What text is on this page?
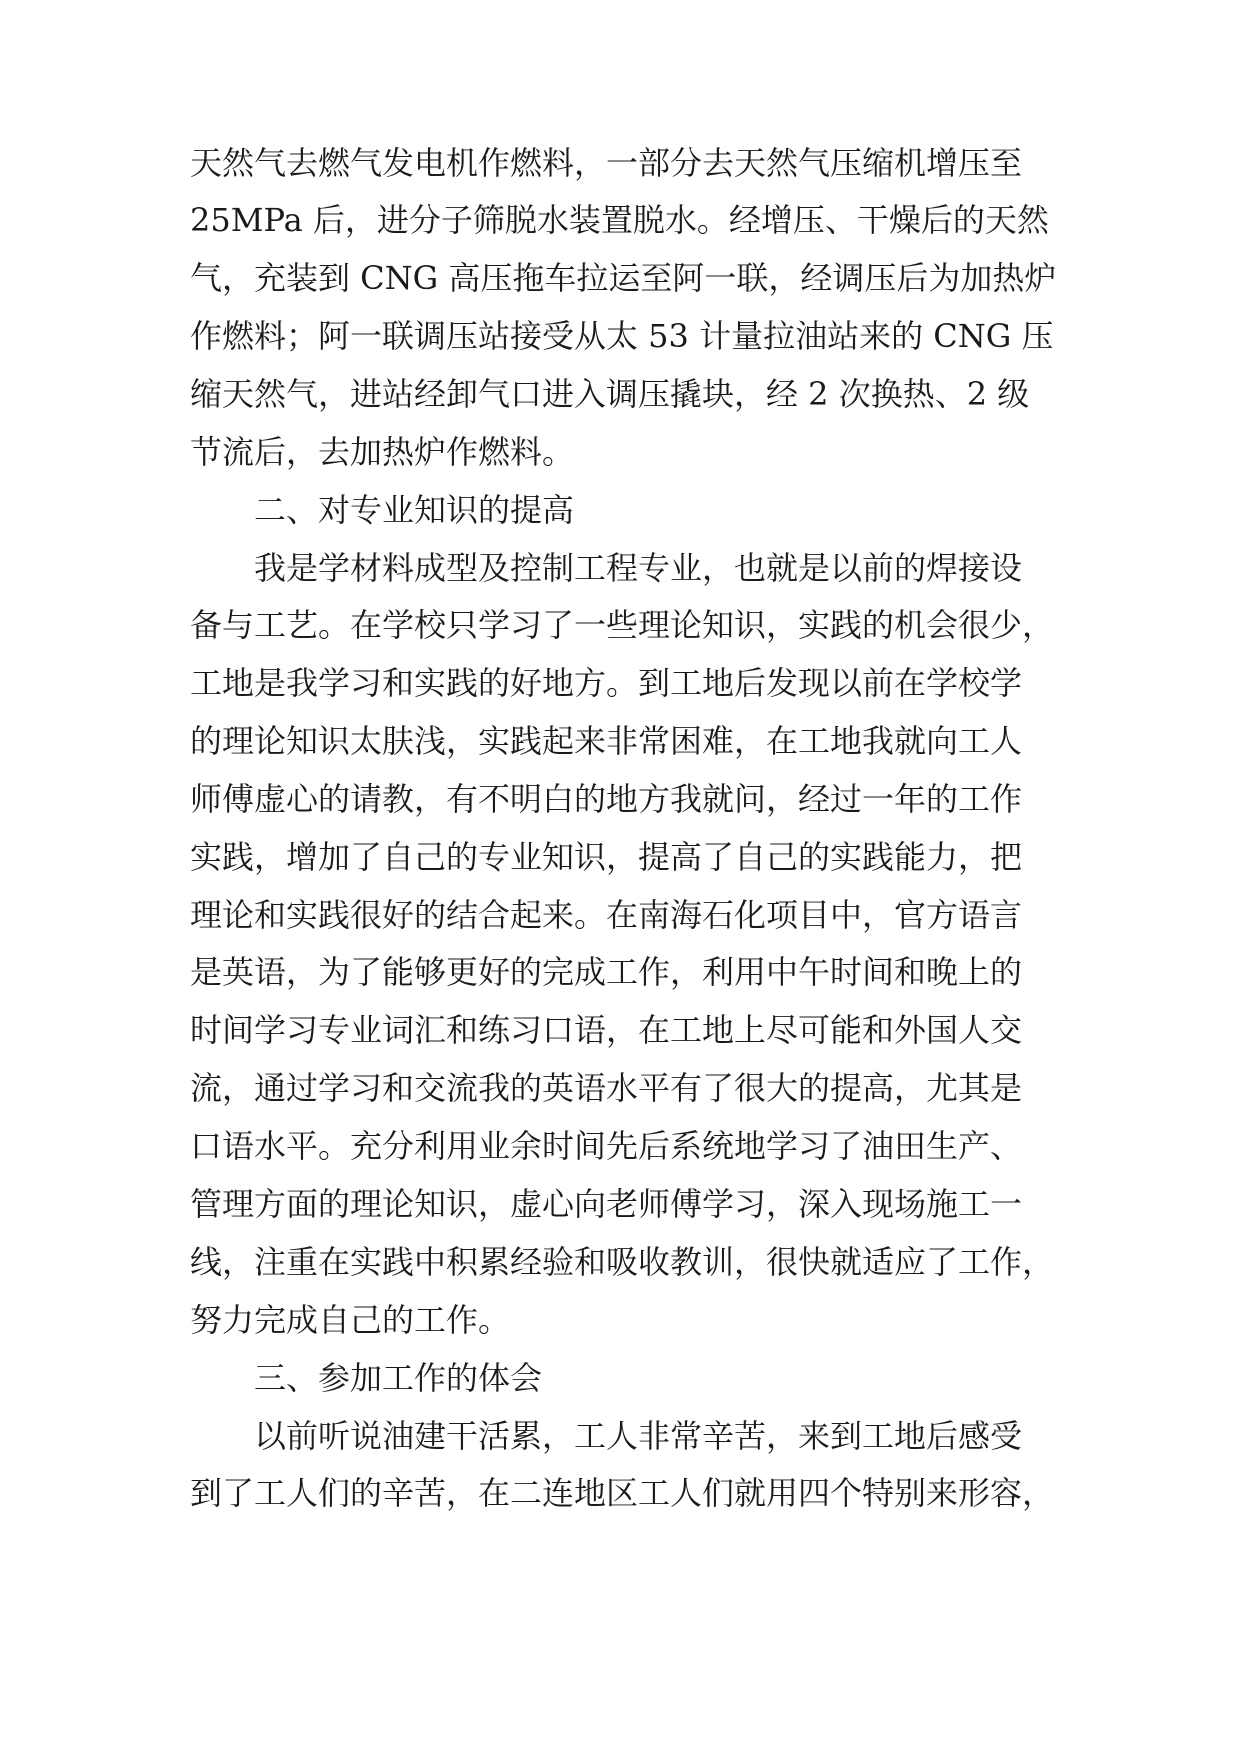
天然气去燃气发电机作燃料，一部分去天然气压缩机增压至
25MPa 后，进分子筛脱水装置脱水。经增压、干燥后的天然
气，充装到 CNG 高压拖车拉运至阿一联，经调压后为加热炉
作燃料；阿一联调压站接受从太 53 计量拉油站来的 CNG 压
缩天然气，进站经卸气口进入调压撬块，经 2 次换热、2 级
节流后，去加热炉作燃料。
二、对专业知识的提高
我是学材料成型及控制工程专业，也就是以前的焊接设
备与工艺。在学校只学习了一些理论知识，实践的机会很少，
工地是我学习和实践的好地方。到工地后发现以前在学校学
的理论知识太肤浅，实践起来非常困难，在工地我就向工人
师傅虚心的请教，有不明白的地方我就问，经过一年的工作
实践，增加了自己的专业知识，提高了自己的实践能力，把
理论和实践很好的结合起来。在南海石化项目中，官方语言
是英语，为了能够更好的完成工作，利用中午时间和晚上的
时间学习专业词汇和练习口语，在工地上尽可能和外国人交
流，通过学习和交流我的英语水平有了很大的提高，尤其是
口语水平。充分利用业余时间先后系统地学习了油田生产、
管理方面的理论知识，虚心向老师傅学习，深入现场施工一
线，注重在实践中积累经验和吸收教训，很快就适应了工作，
努力完成自己的工作。
三、参加工作的体会
以前听说油建干活累，工人非常辛苦，来到工地后感受
到了工人们的辛苦，在二连地区工人们就用四个特别来形容，
